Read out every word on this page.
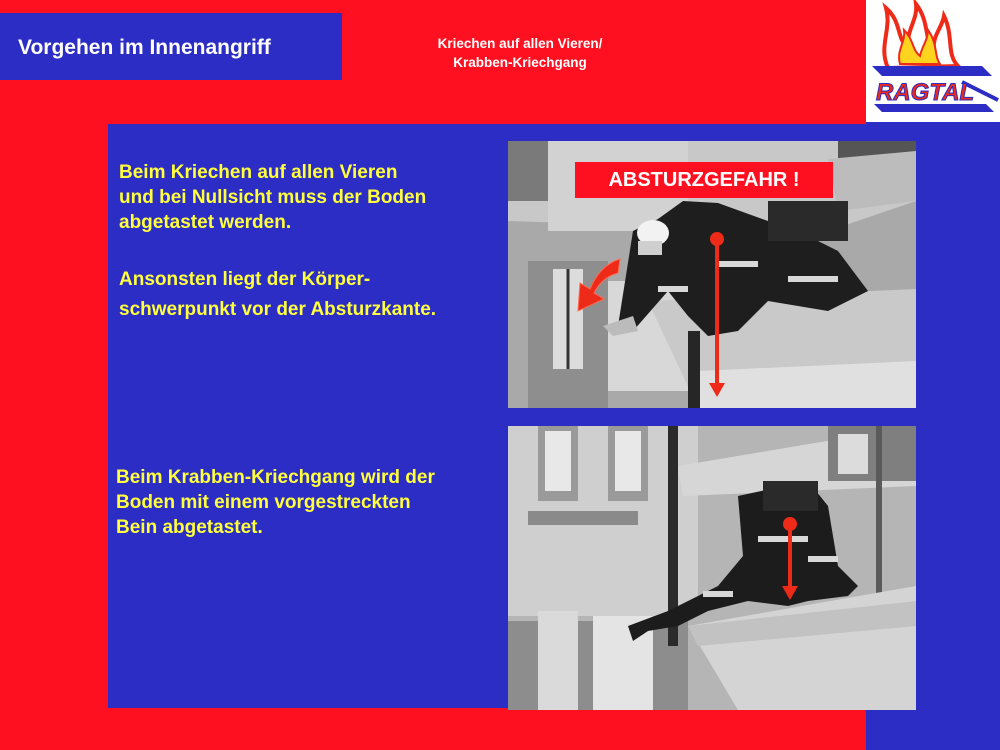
Vorgehen im Innenangriff	Kriechen auf allen Vieren/
Krabben-Kriechgang
RAGTAL
Beim Kriechen auf allen Vieren
und bei Nullsicht muss der Boden
abgetastet werden.
Ansonsten liegt der Körper-
schwerpunkt vor der Absturzkante.
Beim Krabben-Kriechgang wird der
Boden mit einem vorgestreckten
Bein abgetastet.
ABSTURZGEFAHR !
